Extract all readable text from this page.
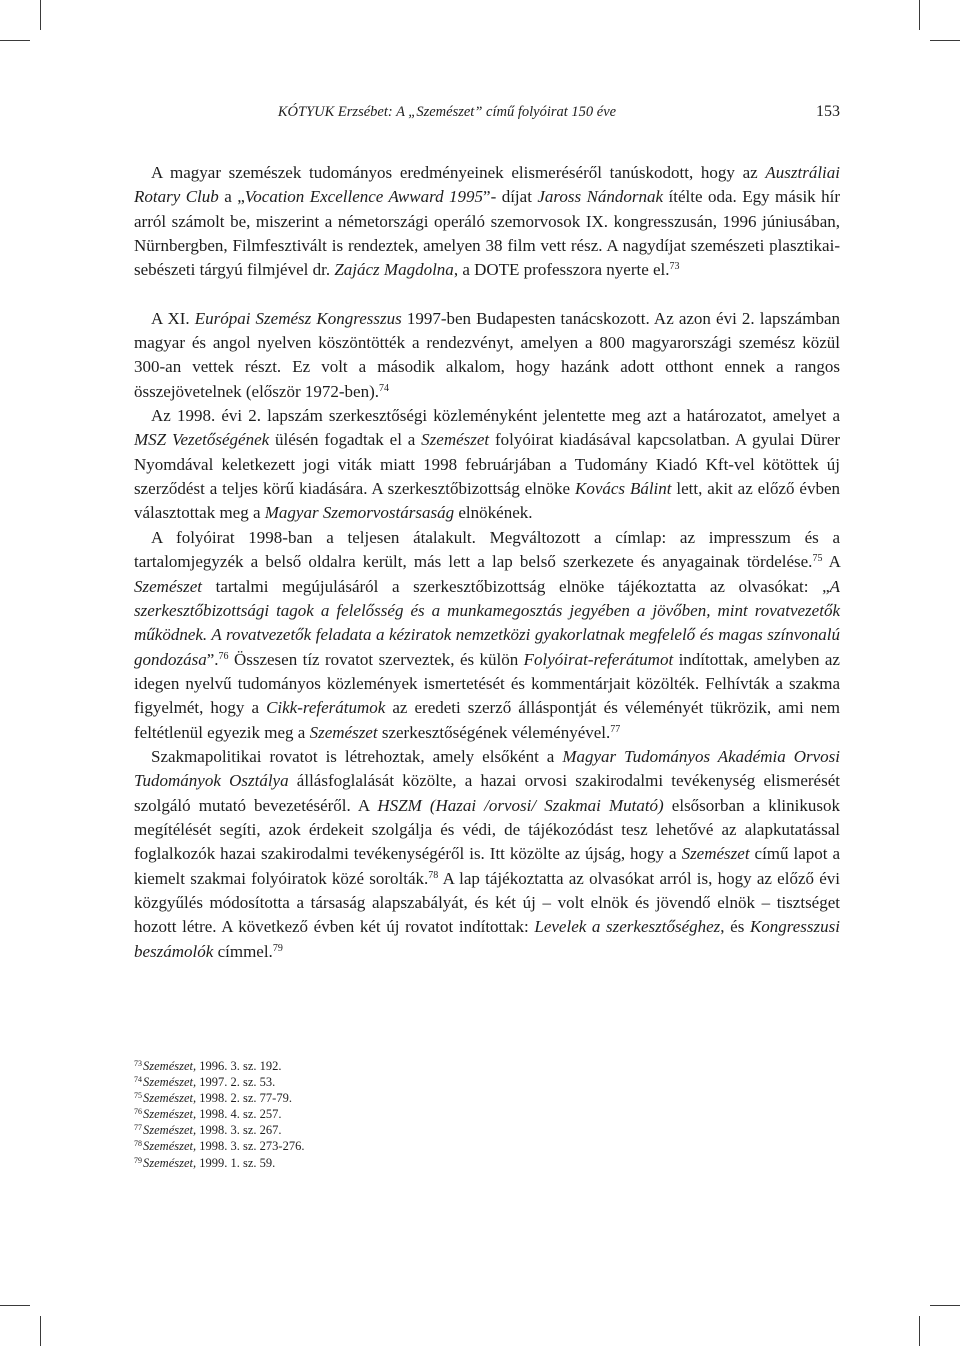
KÓTYUK Erzsébet: A „Szemészet” című folyóirat 150 éve	153

A magyar szemészek tudományos eredményeinek elismeréséről tanúskodott, hogy az Ausztráliai Rotary Club a „Vocation Excellence Awward 1995”- díjat Jaross Nándornak ítélte oda. Egy másik hír arról számolt be, miszerint a németországi operáló szemorvosok IX. kongresszusán, 1996 júniusában, Nürnbergben, Filmfesztivált is rendeztek, amelyen 38 film vett rész. A nagydíjat szemészeti plasztikai-sebészeti tárgyú filmjével dr. Zajácz Magdolna, a DOTE professzora nyerte el.$^{73}$

A XI. Európai Szemész Kongresszus 1997-ben Budapesten tanácskozott. Az azon évi 2. lapszámban magyar és angol nyelven köszöntötték a rendezvényt, amelyen a 800 magyarországi szemész közül 300-an vettek részt. Ez volt a második alkalom, hogy hazánk adott otthont ennek a rangos összejövetelnek (először 1972-ben).$^{74}$

Az 1998. évi 2. lapszám szerkesztőségi közleményként jelentette meg azt a határozatot, amelyet a MSZ Vezetőségének ülésén fogadtak el a Szemészet folyóirat kiadásával kapcsolatban. A gyulai Dürer Nyomdával keletkezett jogi viták miatt 1998 februárjában a Tudomány Kiadó Kft-vel kötöttek új szerződést a teljes körű kiadására. A szerkesztőbizottság elnöke Kovács Bálint lett, akit az előző évben választottak meg a Magyar Szemorvostársaság elnökének.

A folyóirat 1998-ban a teljesen átalakult. Megváltozott a címlap: az impresszum és a tartalomjegyzék a belső oldalra került, más lett a lap belső szerkezete és anyagainak tördelése.$^{75}$ A Szemészet tartalmi megújulásáról a szerkesztőbizottság elnöke tájékoztatta az olvasókat: „A szerkesztőbizottsági tagok a felelősség és a munkamegosztás jegyében a jövőben, mint rovatvezetők működnek. A rovatvezetők feladata a kéziratok nemzetközi gyakorlatnak megfelelő és magas színvonalú gondozása”.$^{76}$ Összesen tíz rovatot szerveztek, és külön Folyóirat-referátumot indítottak, amelyben az idegen nyelvű tudományos közlemények ismertetését és kommentárjait közölték. Felhívták a szakma figyelmét, hogy a Cikk-referátumok az eredeti szerző álláspontját és véleményét tükrözik, ami nem feltétlenül egyezik meg a Szemészet szerkesztőségének véleményével.$^{77}$

Szakmapolitikai rovatot is létrehoztak, amely elsőként a Magyar Tudományos Akadémia Orvosi Tudományok Osztálya állásfoglalását közölte, a hazai orvosi szakirodalmi tevékenység elismerését szolgáló mutató bevezetéséről. A HSZM (Hazai /orvosi/ Szakmai Mutató) elsősorban a klinikusok megítélését segíti, azok érdekeit szolgálja és védi, de tájékozódást tesz lehetővé az alapkutatással foglalkozók hazai szakirodalmi tevékenységéről is. Itt közölte az újság, hogy a Szemészet című lapot a kiemelt szakmai folyóiratok közé sorolták.$^{78}$ A lap tájékoztatta az olvasókat arról is, hogy az előző évi közgyűlés módosította a társaság alapszabályát, és két új – volt elnök és jövendő elnök – tisztséget hozott létre. A következő évben két új rovatot indítottak: Levelek a szerkesztőséghez, és Kongresszusi beszámolók címmel.$^{79}$

$^{73}$Szemészet, 1996. 3. sz. 192.
$^{74}$Szemészet, 1997. 2. sz. 53.
$^{75}$Szemészet, 1998. 2. sz. 77-79.
$^{76}$Szemészet, 1998. 4. sz. 257.
$^{77}$Szemészet, 1998. 3. sz. 267.
$^{78}$Szemészet, 1998. 3. sz. 273-276.
$^{79}$Szemészet, 1999. 1. sz. 59.
